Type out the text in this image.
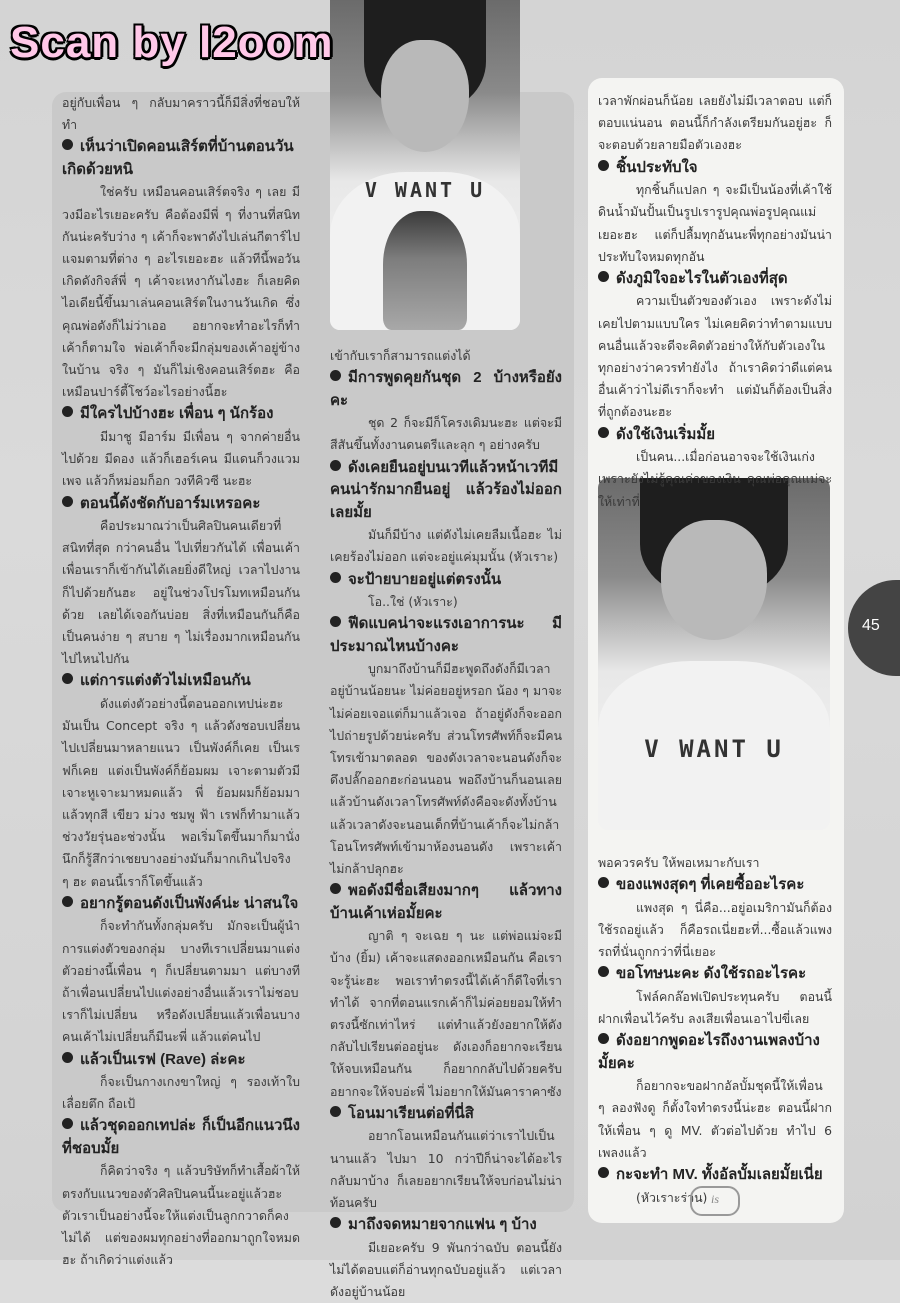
V WANT U
V WANT U

อยู่กับเพื่อน ๆ กลับมาคราวนี้ก็มีสิ่งที่ชอบให้ทำ

เห็นว่าเปิดคอนเสิร์ตที่บ้านตอนวันเกิดด้วยหนิ

ใช่ครับ เหมือนคอนเสิร์ตจริง ๆ เลย มีวงมีอะไรเยอะครับ คือต้องมีพี่ ๆ ที่งานที่สนิทกันน่ะครับว่าง ๆ เค้าก็จะพาดังไปเล่นกีตาร์ไปแจมตามที่ต่าง ๆ อะไรเยอะฮะ แล้วทีนี้พอวันเกิดดังกิจส์พี่ ๆ เค้าจะเหงากันไงฮะ ก็เลยคิดไอเดียนี้ขึ้นมาเล่นคอนเสิร์ตในงานวันเกิด ซึ่งคุณพ่อดังก็ไม่ว่าเออ อยากจะทำอะไรก็ทำ เค้าก็ตามใจ พ่อเค้าก็จะมีกลุ่มของเค้าอยู่ข้างในบ้าน จริง ๆ มันก็ไม่เชิงคอนเสิร์ตฮะ คือเหมือนปาร์ตี้โชว์อะไรอย่างนี้ฮะ

มีใครไปบ้างฮะ เพื่อน ๆ นักร้อง

มีมาชู มีอาร์ม มีเพื่อน ๆ จากค่ายอื่นไปด้วย มีดอง แล้วก็เฮอร์เคน มีแดนก็วงแวมเพจ แล้วก็หม่อมก็อก วงทีคิวซี นะฮะ

ตอนนี้ดังชัดกับอาร์มเหรอคะ

คือประมาณว่าเป็นศิลปินคนเดียวที่สนิทที่สุด กว่าคนอื่น ไปเที่ยวกันได้ เพื่อนเค้าเพื่อนเราก็เข้ากันได้เลยยิ่งดีใหญ่ เวลาไปงานก็ไปด้วยกันฮะ อยู่ในช่วงโปรโมทเหมือนกันด้วย เลยได้เจอกันบ่อย สิ่งที่เหมือนกันก็คือเป็นคนง่าย ๆ สบาย ๆ ไม่เรื่องมากเหมือนกัน ไปไหนไปกัน

แต่การแต่งตัวไม่เหมือนกัน

ดังแต่งตัวอย่างนี้ตอนออกเทปน่ะฮะ มันเป็น Concept จริง ๆ แล้วดังชอบเปลี่ยนไปเปลี่ยนมาหลายแนว เป็นพังค์ก็เคย เป็นเรฟก็เคย แต่งเป็นพังค์ก็ย้อมผม เจาะตามตัวมีเจาะหูเจาะมาหมดแล้ว พี่ ย้อมผมก็ย้อมมาแล้วทุกสี เขียว ม่วง ชมพู ฟ้า เรฟก็ทำมาแล้ว ช่วงวัยรุ่นอะช่วงนั้น พอเริ่มโตขึ้นมาก็มานั่งนึกก็รู้สึกว่าเชยบางอย่างมันก็มากเกินไปจริง ๆ ฮะ ตอนนี้เราก็โตขึ้นแล้ว

อยากรู้ตอนดังเป็นพังค์น่ะ น่าสนใจ

ก็จะทำกันทั้งกลุ่มครับ มักจะเป็นผู้นำการแต่งตัวของกลุ่ม บางทีเราเปลี่ยนมาแต่งตัวอย่างนี้เพื่อน ๆ ก็เปลี่ยนตามมา แต่บางทีถ้าเพื่อนเปลี่ยนไปแต่งอย่างอื่นแล้วเราไม่ชอบเราก็ไม่เปลี่ยน หรือดังเปลี่ยนแล้วเพื่อนบางคนเค้าไม่เปลี่ยนก็มีนะพี่ แล้วแต่คนไป

แล้วเป็นเรฟ (Rave) ล่ะคะ

ก็จะเป็นกางเกงขาใหญ่ ๆ รองเท้าใบเลื่อยตึก ถือเป้

แล้วชุดออกเทปล่ะ ก็เป็นอีกแนวนึงที่ชอบมั้ย

ก็คิดว่าจริง ๆ แล้วบริษัทก็ทำเสื้อผ้าให้ตรงกับแนวของตัวศิลปินคนนี้นะอยู่แล้วฮะ ตัวเราเป็นอย่างนี้จะให้แต่งเป็นลูกกวาดก็คงไม่ได้ แต่ของผมทุกอย่างที่ออกมาถูกใจหมดฮะ ถ้าเกิดว่าแต่งแล้ว

เข้ากับเราก็สามารถแต่งได้

มีการพูดคุยกันชุด 2 บ้างหรือยังคะ

ชุด 2 ก็จะมีก็โครงเดิมนะฮะ แต่จะมีสีสันขึ้นทั้งงานดนตรีและลุก ๆ อย่างครับ

ดังเคยยืนอยู่บนเวทีแล้วหน้าเวทีมีคนน่ารักมากยืนอยู่ แล้วร้องไม่ออกเลยมั้ย

มันก็มีบ้าง แต่ดังไม่เคยลืมเนื้อฮะ ไม่เคยร้องไม่ออก แต่จะอยู่แค่มุมนั้น (หัวเราะ)

จะป้ายบายอยู่แต่ตรงนั้น

โอ..ใช่ (หัวเราะ)

ฟีดแบคน่าจะแรงเอาการนะ มีประมาณไหนบ้างคะ

บูกมาถึงบ้านก็มีฮะพูดถึงดังก็มีเวลาอยู่บ้านน้อยนะ ไม่ค่อยอยู่หรอก น้อง ๆ มาจะไม่ค่อยเจอแต่ก็มาแล้วเจอ ถ้าอยู่ดังก็จะออกไปถ่ายรูปด้วยน่ะครับ ส่วนโทรศัพท์ก็จะมีคนโทรเข้ามาตลอด ของดังเวลาจะนอนดังก็จะดึงปลั๊กออกฮะก่อนนอน พอถึงบ้านก็นอนเลยแล้วบ้านดังเวลาโทรศัพท์ดังคือจะดังทั้งบ้าน แล้วเวลาดังจะนอนเด็กที่บ้านเค้าก็จะไม่กล้าโอนโทรศัพท์เข้ามาห้องนอนดัง เพราะเค้าไม่กล้าปลุกฮะ

พอดังมีชื่อเสียงมากๆ แล้วทางบ้านเค้าเห่อมั้ยคะ

ญาติ ๆ จะเฉย ๆ นะ แต่พ่อแม่จะมีบ้าง (ยิ้ม) เค้าจะแสดงออกเหมือนกัน คือเราจะรู้น่ะฮะ พอเราทำตรงนี้ได้เค้าก็ดีใจที่เราทำได้ จากที่ตอนแรกเค้าก็ไม่ค่อยยอมให้ทำตรงนี้ซักเท่าไหร่ แต่ทำแล้วยังอยากให้ดังกลับไปเรียนต่ออยู่นะ ดังเองก็อยากจะเรียนให้จบเหมือนกัน ก็อยากกลับไปด้วยครับ อยากจะให้จบอ่ะพี่ ไม่อยากให้มันคาราคาซัง

โอนมาเรียนต่อที่นี่สิ

อยากโอนเหมือนกันแต่ว่าเราไปเป็นนานแล้ว ไปมา 10 กว่าปีก็น่าจะได้อะไรกลับมาบ้าง ก็เลยอยากเรียนให้จบก่อนไม่น่าท้อนครับ

มาถึงจดหมายจากแฟน ๆ บ้าง

มีเยอะครับ 9 พันกว่าฉบับ ตอนนี้ยังไม่ได้ตอบแต่ก็อ่านทุกฉบับอยู่แล้ว แต่เวลาดังอยู่บ้านน้อย

เวลาพักผ่อนก็น้อย เลยยังไม่มีเวลาตอบ แต่ก็ตอบแน่นอน ตอนนี้ก็กำลังเตรียมกันอยู่ฮะ ก็จะตอบด้วยลายมือตัวเองฮะ

ชิ้นประทับใจ

ทุกชิ้นก็แปลก ๆ จะมีเป็นน้องที่เค้าใช้ดินน้ำมันปั้นเป็นรูปเรารูปคุณพ่อรูปคุณแม่เยอะฮะ แต่ก็ปลื้มทุกอันนะพี่ทุกอย่างมันน่าประทับใจหมดทุกอัน

ดังภูมิใจอะไรในตัวเองที่สุด

ความเป็นตัวของตัวเอง เพราะดังไม่เคยไปตามแบบใคร ไม่เคยคิดว่าทำตามแบบคนอื่นแล้วจะดีจะคิดตัวอย่างให้กับตัวเองในทุกอย่างว่าควรทำยังไง ถ้าเราคิดว่าดีแต่คนอื่นเค้าว่าไม่ดีเราก็จะทำ แต่มันก็ต้องเป็นสิ่งที่ถูกต้องนะฮะ

ดังใช้เงินเริ่มมั้ย

เป็นคน...เมื่อก่อนอาจจะใช้เงินเก่ง เพราะยังไม่รู้คุณค่าของเงิน คุณพ่อคุณแม่จะให้เท่าที่

พอควรครับ ให้พอเหมาะกับเรา

ของแพงสุดๆ ที่เคยซื้ออะไรคะ

แพงสุด ๆ นี่คือ...อยู่อเมริกามันก็ต้องใช้รถอยู่แล้ว ก็คือรถเนี่ยฮะที่...ซื้อแล้วแพง รถที่นั่นถูกกว่าที่นี่เยอะ

ขอโทษนะคะ ดังใช้รถอะไรคะ

โฟล์คกล๊อฟเปิดประทุนครับ ตอนนี้ฝากเพื่อนไว้ครับ ลงเสียเพื่อนเอาไปขี่เลย

ดังอยากพูดอะไรถึงงานเพลงบ้างมั้ยคะ

ก็อยากจะขอฝากอัลบั้มชุดนี้ให้เพื่อน ๆ ลองฟังดู ก็ตั้งใจทำตรงนี้น่ะฮะ ตอนนี้ฝากให้เพื่อน ๆ ดู MV. ตัวต่อไปด้วย ทำไป 6 เพลงแล้ว

กะจะทำ MV. ทั้งอัลบั้มเลยมั้ยเนี่ย

(หัวเราะร่วน)

45
is
Scan by l2oom
